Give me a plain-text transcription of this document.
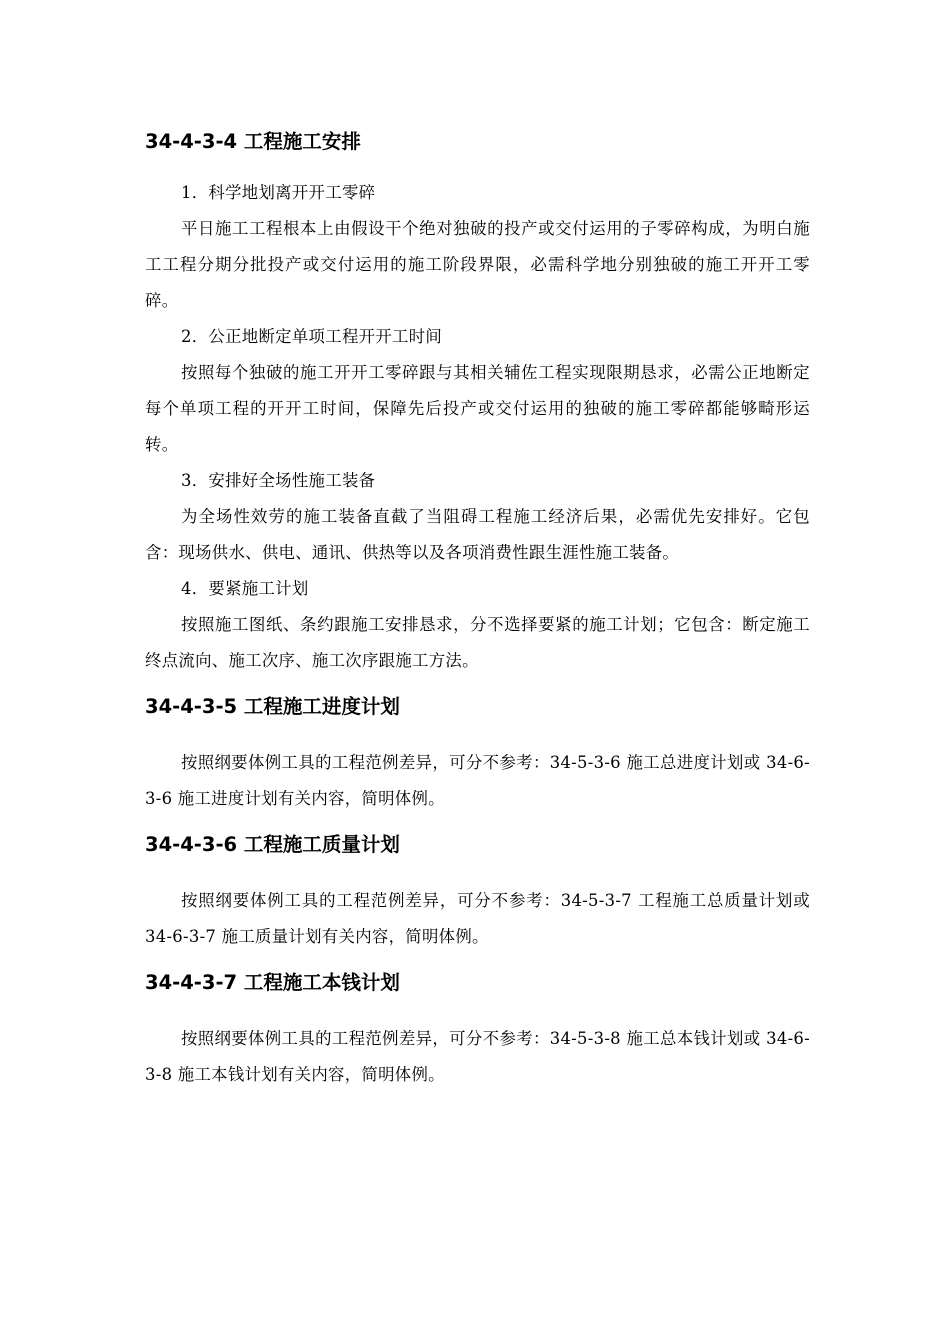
34-4-3-4 工程施工安排

1．科学地划离开开工零碎

平日施工工程根本上由假设干个绝对独破的投产或交付运用的子零碎构成，为明白施工工程分期分批投产或交付运用的施工阶段界限，必需科学地分别独破的施工开开工零碎。

2．公正地断定单项工程开开工时间

按照每个独破的施工开开工零碎跟与其相关辅佐工程实现限期恳求，必需公正地断定每个单项工程的开开工时间，保障先后投产或交付运用的独破的施工零碎都能够畸形运转。

3．安排好全场性施工装备

为全场性效劳的施工装备直截了当阻碍工程施工经济后果，必需优先安排好。它包含：现场供水、供电、通讯、供热等以及各项消费性跟生涯性施工装备。

4．要紧施工计划

按照施工图纸、条约跟施工安排恳求，分不选择要紧的施工计划；它包含：断定施工终点流向、施工次序、施工次序跟施工方法。

34-4-3-5 工程施工进度计划

按照纲要体例工具的工程范例差异，可分不参考：34-5-3-6 施工总进度计划或 34-6-3-6 施工进度计划有关内容，简明体例。

34-4-3-6 工程施工质量计划

按照纲要体例工具的工程范例差异，可分不参考：34-5-3-7 工程施工总质量计划或 34-6-3-7 施工质量计划有关内容，简明体例。

34-4-3-7 工程施工本钱计划

按照纲要体例工具的工程范例差异，可分不参考：34-5-3-8 施工总本钱计划或 34-6-3-8 施工本钱计划有关内容，简明体例。
